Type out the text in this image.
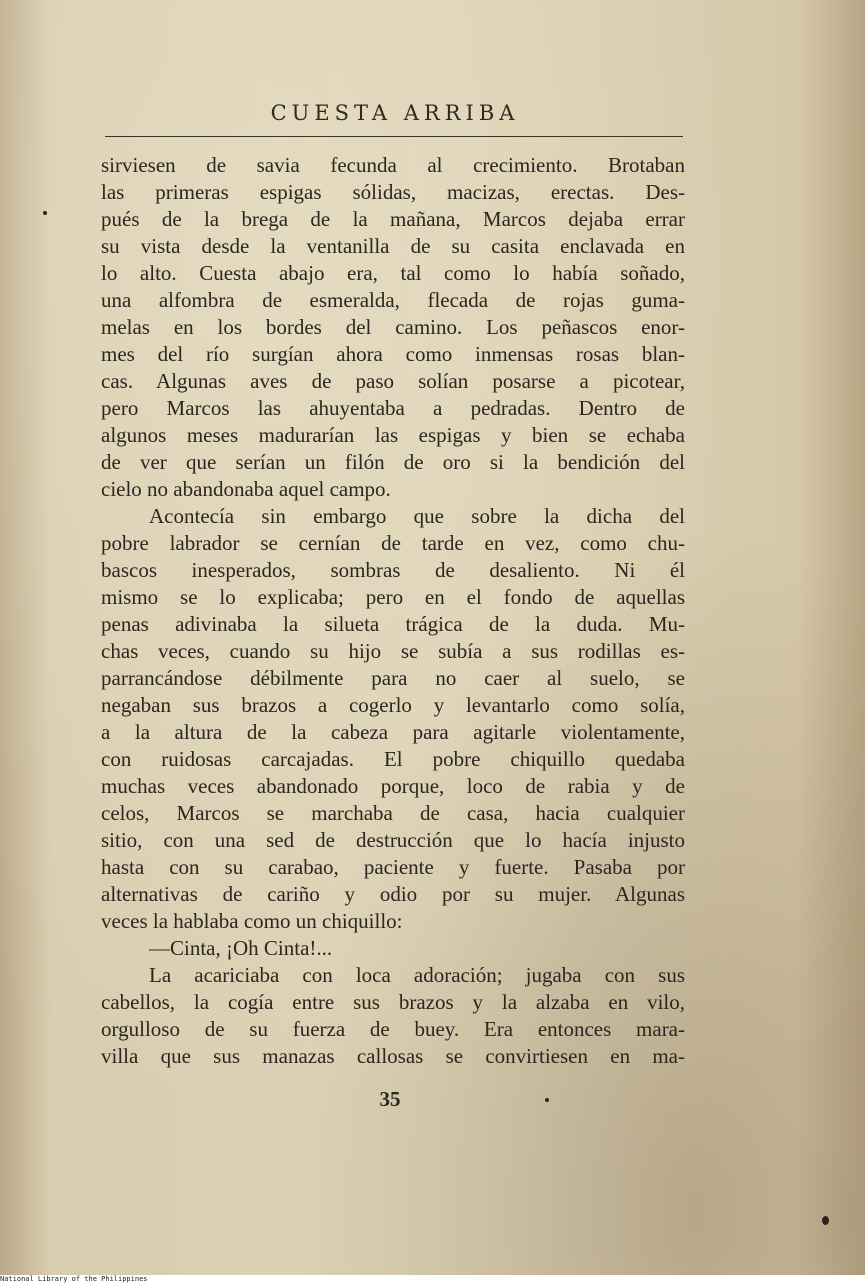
CUESTA ARRIBA
sirviesen de savia fecunda al crecimiento. Brotaban
las primeras espigas sólidas, macizas, erectas. Des-
pués de la brega de la mañana, Marcos dejaba errar
su vista desde la ventanilla de su casita enclavada en
lo alto. Cuesta abajo era, tal como lo había soñado,
una alfombra de esmeralda, flecada de rojas guma-
melas en los bordes del camino. Los peñascos enor-
mes del río surgían ahora como inmensas rosas blan-
cas. Algunas aves de paso solían posarse a picotear,
pero Marcos las ahuyentaba a pedradas. Dentro de
algunos meses madurarían las espigas y bien se echaba
de ver que serían un filón de oro si la bendición del
cielo no abandonaba aquel campo.
Acontecía sin embargo que sobre la dicha del
pobre labrador se cernían de tarde en vez, como chu-
bascos inesperados, sombras de desaliento. Ni él
mismo se lo explicaba; pero en el fondo de aquellas
penas adivinaba la silueta trágica de la duda. Mu-
chas veces, cuando su hijo se subía a sus rodillas es-
parrancándose débilmente para no caer al suelo, se
negaban sus brazos a cogerlo y levantarlo como solía,
a la altura de la cabeza para agitarle violentamente,
con ruidosas carcajadas. El pobre chiquillo quedaba
muchas veces abandonado porque, loco de rabia y de
celos, Marcos se marchaba de casa, hacia cualquier
sitio, con una sed de destrucción que lo hacía injusto
hasta con su carabao, paciente y fuerte. Pasaba por
alternativas de cariño y odio por su mujer. Algunas
veces la hablaba como un chiquillo:
—Cinta, ¡Oh Cinta!...
La acariciaba con loca adoración; jugaba con sus
cabellos, la cogía entre sus brazos y la alzaba en vilo,
orgulloso de su fuerza de buey. Era entonces mara-
villa que sus manazas callosas se convirtiesen en ma-
35
National Library of the Philippines
